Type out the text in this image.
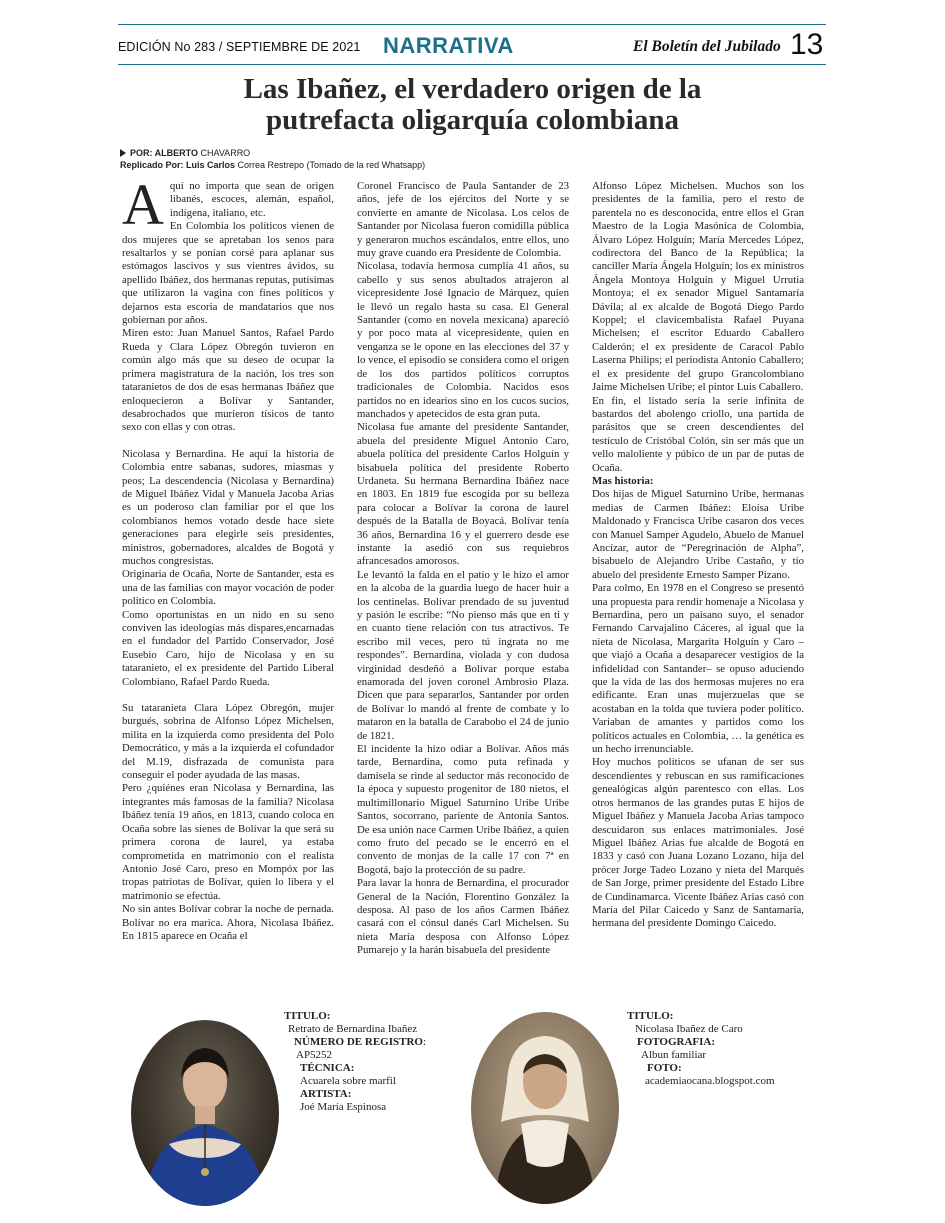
EDICIÓN No 283 / SEPTIEMBRE DE 2021 NARRATIVA	El Boletín del Jubilado 13
Las Ibañez, el verdadero origen de la
putrefacta oligarquía colombiana
POR: ALBERTO CHAVARRO
Replicado Por: Luis Carlos Correa Restrepo (Tomado de la red Whatsapp)
A quí no importa que sean de origen libanés, escoces, alemán, español, indígena, italiano, etc.

En Colombia los políticos vienen de dos mujeres que se apretaban los senos para resaltarlos y se ponían corsé para aplanar sus estómagos lascivos y sus vientres ávidos, su apellido Ibáñez, dos hermanas reputas, putísimas que utilizaron la vagina con fines políticos y dejarnos esta escoria de mandatarios que nos gobiernan por años.

Miren esto: Juan Manuel Santos, Rafael Pardo Rueda y Clara López Obregón tuvieron en común algo más que su deseo de ocupar la primera magistratura de la nación, los tres son tataranietos de dos de esas hermanas Ibáñez que enloquecieron a Bolívar y Santander, desabrochados que murieron tísicos de tanto sexo con ellas y con otras.

Nicolasa y Bernardina. He aquí la historia de Colombia entre sabanas, sudores, miasmas y peos; La descendencia (Nicolasa y Bernardina) de Miguel Ibáñez Vidal y Manuela Jacoba Arias es un poderoso clan familiar por el que los colombianos hemos votado desde hace siete generaciones para elegirle seis presidentes, ministros, gobernadores, alcaldes de Bogotá y muchos congresistas.

Originaria de Ocaña, Norte de Santander, esta es una de las familias con mayor vocación de poder político en Colombia.

Como oportunistas en un nido en su seno conviven las ideologías más dispares,encarnadas en el fundador del Partido Conservador, José Eusebio Caro, hijo de Nicolasa y en su tataranieto, el ex presidente del Partido Liberal Colombiano, Rafael Pardo Rueda.

Su tataranieta Clara López Obregón, mujer burgués, sobrina de Alfonso López Michelsen, milita en la izquierda como presidenta del Polo Democrático, y más a la izquierda el cofundador del M.19, disfrazada de comunista para conseguir el poder ayudada de las masas.

Pero ¿quiénes eran Nicolasa y Bernardina, las integrantes más famosas de la familia? Nicolasa Ibáñez tenía 19 años, en 1813, cuando coloca en Ocaña sobre las sienes de Bolívar la que será su primera corona de laurel, ya estaba comprometida en matrimonio con el realista Antonio José Caro, preso en Mompóx por las tropas patriotas de Bolívar, quien lo libera y el matrimonio se efectúa.

No sin antes Bolívar cobrar la noche de pernada. Bolívar no era marica. Ahora, Nicolasa Ibáñez. En 1815 aparece en Ocaña el

Coronel Francisco de Paula Santander de 23 años, jefe de los ejércitos del Norte y se convierte en amante de Nicolasa. Los celos de Santander por Nicolasa fueron comidilla pública y generaron muchos escándalos, entre ellos, uno muy grave cuando era Presidente de Colombia.

Nicolasa, todavía hermosa cumplía 41 años, su cabello y sus senos abultados atrajeron al vicepresidente José Ignacio de Márquez, quien le llevó un regalo hasta su casa. El General Santander (como en novela mexicana) apareció y por poco mata al vicepresidente, quien en venganza se le opone en las elecciones del 37 y lo vence, el episodio se considera como el origen de los dos partidos políticos corruptos tradicionales de Colombia. Nacidos esos partidos no en idearios sino en los cucos sucios, manchados y apetecidos de esta gran puta.

Nicolasa fue amante del presidente Santander, abuela del presidente Miguel Antonio Caro, abuela política del presidente Carlos Holguín y bisabuela política del presidente Roberto Urdaneta. Su hermana Bernardina Ibáñez nace en 1803. En 1819 fue escogida por su belleza para colocar a Bolívar la corona de laurel después de la Batalla de Boyacá. Bolívar tenía 36 años, Bernardina 16 y el guerrero desde ese instante la asedió con sus requiebros afrancesados amorosos.

Le levantó la falda en el patio y le hizo el amor en la alcoba de la guardia luego de hacer huir a los centinelas. Bolívar prendado de su juventud y pasión le escribe: “No pienso más que en ti y en cuanto tiene relación con tus atractivos. Te escribo mil veces, pero tú ingrata no me respondes”. Bernardina, violada y con dudosa virginidad desdeñó a Bolívar porque estaba enamorada del joven coronel Ambrosio Plaza. Dicen que para separarlos, Santander por orden de Bolívar lo mandó al frente de combate y lo mataron en la batalla de Carabobo el 24 de junio de 1821.

El incidente la hizo odiar a Bolívar. Años más tarde, Bernardina, como puta refinada y damisela se rinde al seductor más reconocido de la época y supuesto progenitor de 180 nietos, el multimillonario Miguel Saturnino Uribe Uribe Santos, socorrano, pariente de Antonia Santos. De esa unión nace Carmen Uribe Ibáñez, a quien como fruto del pecado se le encerró en el convento de monjas de la calle 17 con 7ª en Bogotá, bajo la protección de su padre.

Para lavar la honra de Bernardina, el procurador General de la Nación, Florentino González la desposa. Al paso de los años Carmen Ibáñez casará con el cónsul danés Carl Michelsen. Su nieta María desposa con Alfonso López Pumarejo y la harán bisabuela del presidente

Alfonso López Michelsen. Muchos son los presidentes de la familia, pero el resto de parentela no es desconocida, entre ellos el Gran Maestro de la Logia Masónica de Colombia, Álvaro López Holguín; María Mercedes López, codirectora del Banco de la República; la canciller María Ángela Holguín; los ex ministros Ángela Montoya Holguín y Miguel Urrutia Montoya; el ex senador Miguel Santamaría Dávila; al ex alcalde de Bogotá Diego Pardo Koppel; el clavicembalista Rafael Puyana Michelsen; el escritor Eduardo Caballero Calderón; el ex presidente de Caracol Pablo Laserna Philips; el periodista Antonio Caballero; el ex presidente del grupo Grancolombiano Jaime Michelsen Uribe; el pintor Luis Caballero.

En fin, el listado sería la serie infinita de bastardos del abolengo criollo, una partida de parásitos que se creen descendientes del testículo de Cristóbal Colón, sin ser más que un vello maloliente y púbico de un par de putas de Ocaña.

Mas historia:

Dos hijas de Miguel Saturnino Uribe, hermanas medias de Carmen Ibáñez: Eloísa Uribe Maldonado y Francisca Uribe casaron dos veces con Manuel Samper Agudelo, Abuelo de Manuel Ancízar, autor de “Peregrinación de Alpha”, bisabuelo de Alejandro Uribe Castaño, y tío abuelo del presidente Ernesto Samper Pizano.

Para colmo, En 1978 en el Congreso se presentó una propuesta para rendir homenaje a Nicolasa y Bernardina, pero un paisano suyo, el senador Fernando Carvajalino Cáceres, al igual que la nieta de Nicolasa, Margarita Holguín y Caro – que viajó a Ocaña a desaparecer vestigios de la infidelidad con Santander– se opuso aduciendo que la vida de las dos hermosas mujeres no era edificante. Eran unas mujerzuelas que se acostaban en la tolda que tuviera poder político. Variaban de amantes y partidos como los políticos actuales en Colombia, … la genética es un hecho irrenunciable.

Hoy muchos políticos se ufanan de ser sus descendientes y rebuscan en sus ramificaciones genealógicas algún parentesco con ellas. Los otros hermanos de las grandes putas E hijos de Miguel Ibáñez y Manuela Jacoba Arias tampoco descuidaron sus enlaces matrimoniales. José Miguel Ibáñez Arias fue alcalde de Bogotá en 1833 y casó con Juana Lozano Lozano, hija del prócer Jorge Tadeo Lozano y nieta del Marqués de San Jorge, primer presidente del Estado Libre de Cundinamarca. Vicente Ibáñez Arias casó con María del Pilar Caicedo y Sanz de Santamaría, hermana del presidente Domingo Caicedo.

TITULO:
Retrato de Bernardina Ibañez
NÚMERO DE REGISTRO:
AP5252
TÉCNICA:
Acuarela sobre marfil
ARTISTA:
Joé María Espinosa
TITULO:
Nicolasa Ibañez de Caro
FOTOGRAFIA:
Albun familiar
FOTO:
academiaocana.blogspot.com
